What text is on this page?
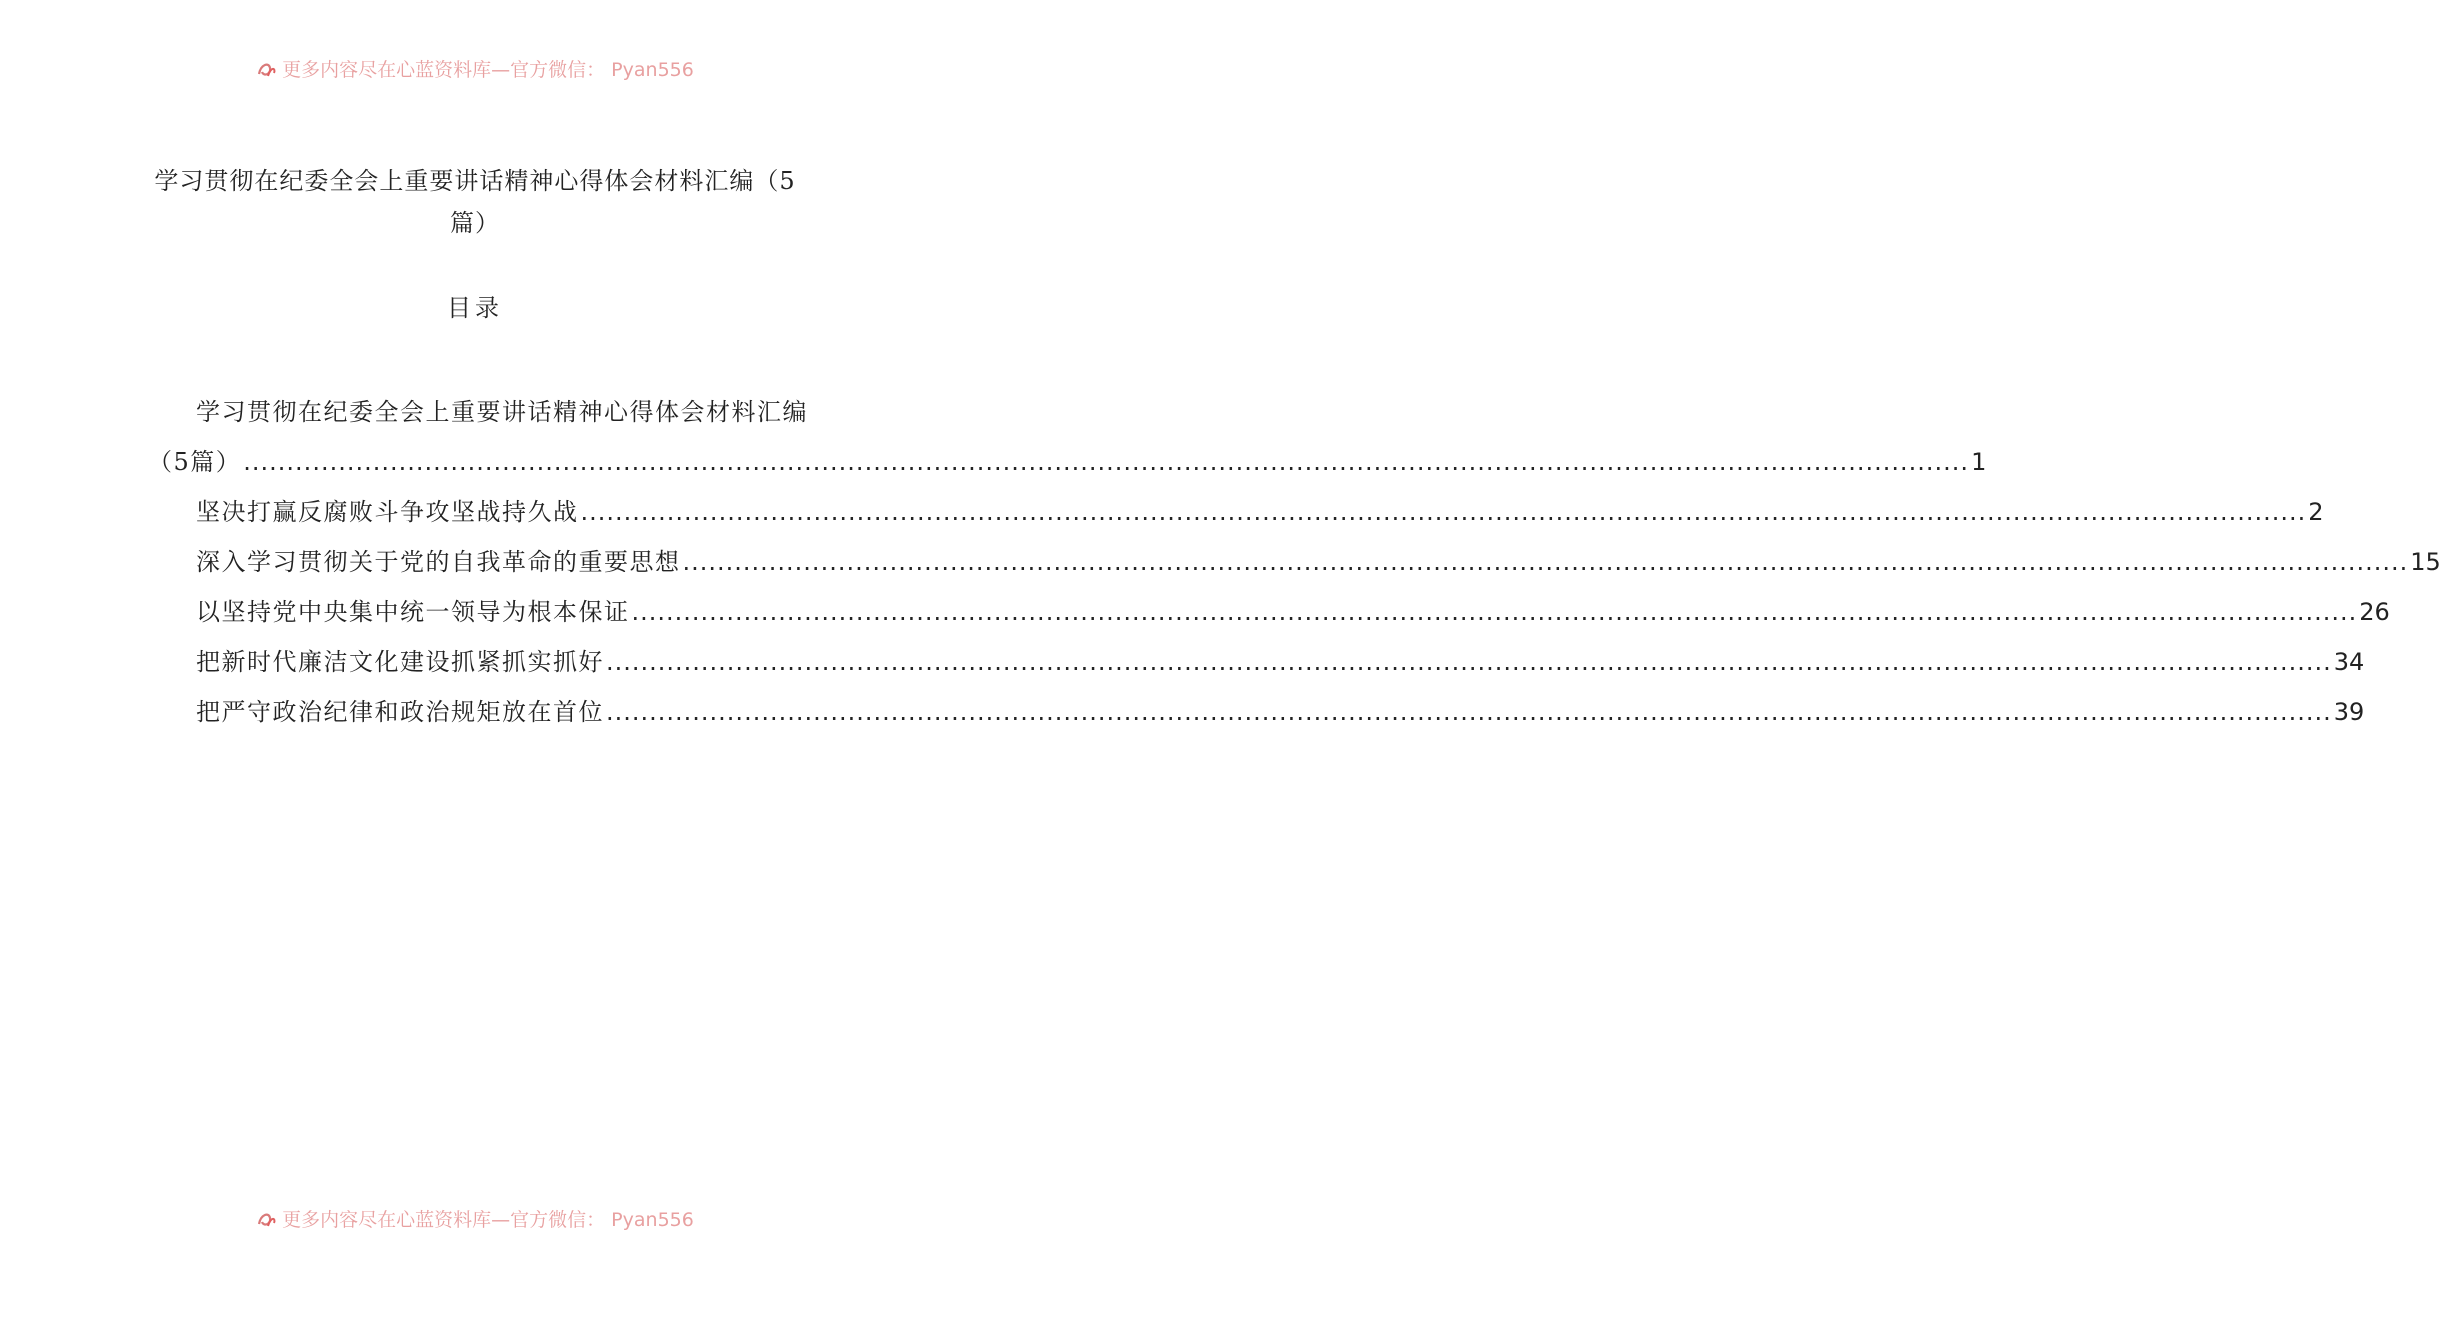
更多内容尽在心蓝资料库—官方微信： Pyan556
学习贯彻在纪委全会上重要讲话精神心得体会材料汇编（5篇）
目录
学习贯彻在纪委全会上重要讲话精神心得体会材料汇编
（5篇） ........................................................................................................................................................................................................ 1
坚决打赢反腐败斗争攻坚战持久战 ........................................................................................................................................................................................................ 2
深入学习贯彻关于党的自我革命的重要思想 ........................................................................................................................................................................................................ 15
以坚持党中央集中统一领导为根本保证 ........................................................................................................................................................................................................ 26
把新时代廉洁文化建设抓紧抓实抓好 ........................................................................................................................................................................................................ 34
把严守政治纪律和政治规矩放在首位 ........................................................................................................................................................................................................ 39
更多内容尽在心蓝资料库—官方微信： Pyan556
